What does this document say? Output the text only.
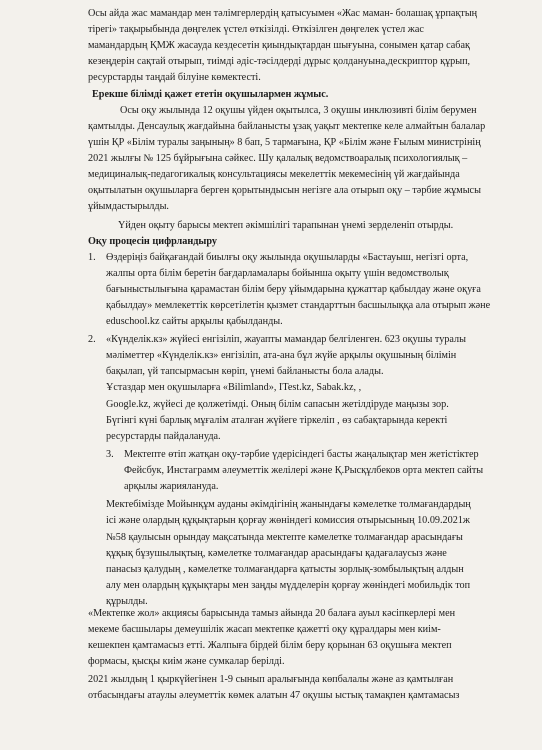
Осы айда жас мамандар мен тәлімгерлердің қатысуымен «Жас маман- болашақ ұрпақтың
тірегі» тақырыбында дөңгелек үстел өткізілді. Өткізілген дөңгелек үстел жас
мамандардың ҚМЖ жасауда кездесетін қиындықтардан шығуына, сонымен қатар сабақ
кезеңдерін сақтай отырып, тиімді әдіс-тәсілдерді дұрыс қолдануына,дескриптор құрып,
ресурстарды таңдай білуіне көмектесті.
Ерекше білімді қажет ететін оқушылармен жұмыс.
Осы оқу жылында 12 оқушы үйден оқытылса, 3 оқушы инклюзивті білім берумен
қамтылды. Денсаулық жағдайына байланысты ұзақ уақыт мектепке келе алмайтын балалар
үшін ҚР «Білім туралы заңының» 8 бап, 5 тармағына, ҚР «Білім және Ғылым министрінің
2021 жылғы № 125 бұйрығына сәйкес. Шу қалалық ведомствоаралық психологиялық –
медициналық-педагогикалық консультациясы мекелеттік мекемесінің үй жағдайында
оқытылатын оқушыларға берген қорытындысын негізге ала отырып оқу – тәрбие жұмысы
ұйымдастырылды.
Үйден оқыту барысы мектеп әкімшілігі тарапынан үнемі зерделеніп отырды.
Оқу процесін цифрландыру
1. Өздеріңіз байқағандай биылғы оқу жылында оқушыларды «Бастауыш, негізгі орта,
жалпы орта білім беретін бағдарламалары бойынша оқыту үшін ведомстволық
бағыныстылығына қарамастан білім беру ұйымдарына құжаттар қабылдау және оқуға
қабылдау» мемлекеттік көрсетілетін қызмет стандарттын басшылыққа ала отырып және
eduschool.kz сайты арқылы қабылданды.
2. «Күнделік.кз» жүйесі енгізіліп, жауапты мамандар белгіленген. 623 оқушы туралы
мәліметтер «Күнделік.кз» енгізіліп, ата-ана бұл жүйе арқылы оқушының білімін
бақылап, үй тапсырмасын көріп, үнемі байланысты бола алады.
Ұстаздар мен оқушыларға «Bilimland», ITest.kz, Sabak.kz, ,
Google.kz, жүйесі де қолжетімді. Оның білім сапасын жетілдіруде маңызы зор.
Бүгінгі күні барлық мұғалім аталған жүйеге тіркеліп , өз сабақтарында керекті
ресурстарды пайдалануда.
3. Мектепте өтіп жатқан оқу-тәрбие үдерісіндегі басты жаңалықтар мен жетістіктер
Фейсбук, Инстаграмм әлеуметтік желілері және Қ.Рысқұлбеков орта мектеп сайты
арқылы жариялануда.
Мектебімізде Мойынқұм ауданы әкімдігінің жанындағы кәмелетке толмағандардың
ісі және олардың құқықтарын қорғау жөніндегі комиссия отырысының 10.09.2021ж
№58 қаулысын орындау мақсатында мектепте кәмелетке толмағандар арасындағы
құқық бұзушылықтың, кәмелетке толмағандар арасындағы қадағалаусыз және
панасыз қалудың , кәмелетке толмағандарға қатысты зорлық-зомбылықтың алдын
алу мен олардың құқықтары мен заңды мүдделерін қорғау жөніндегі мобильдік топ
құрылды.
«Мектепке жол» акциясы барысында тамыз айында 20 балаға ауыл кәсіпкерлері мен
мекеме басшылары демеушілік жасап мектепке қажетті оқу құралдары мен киім-
кешекпен қамтамасыз етті. Жалпыға бірдей білім беру қорынан 63 оқушыға мектеп
формасы, қысқы киім және сумкалар берілді.
2021 жылдың 1 қыркүйегінен 1-9 сынып аралығында көпбалалы және аз қамтылған
отбасындағы атаулы әлеуметтік көмек алатын 47 оқушы ыстық тамақпен қамтамасыз
